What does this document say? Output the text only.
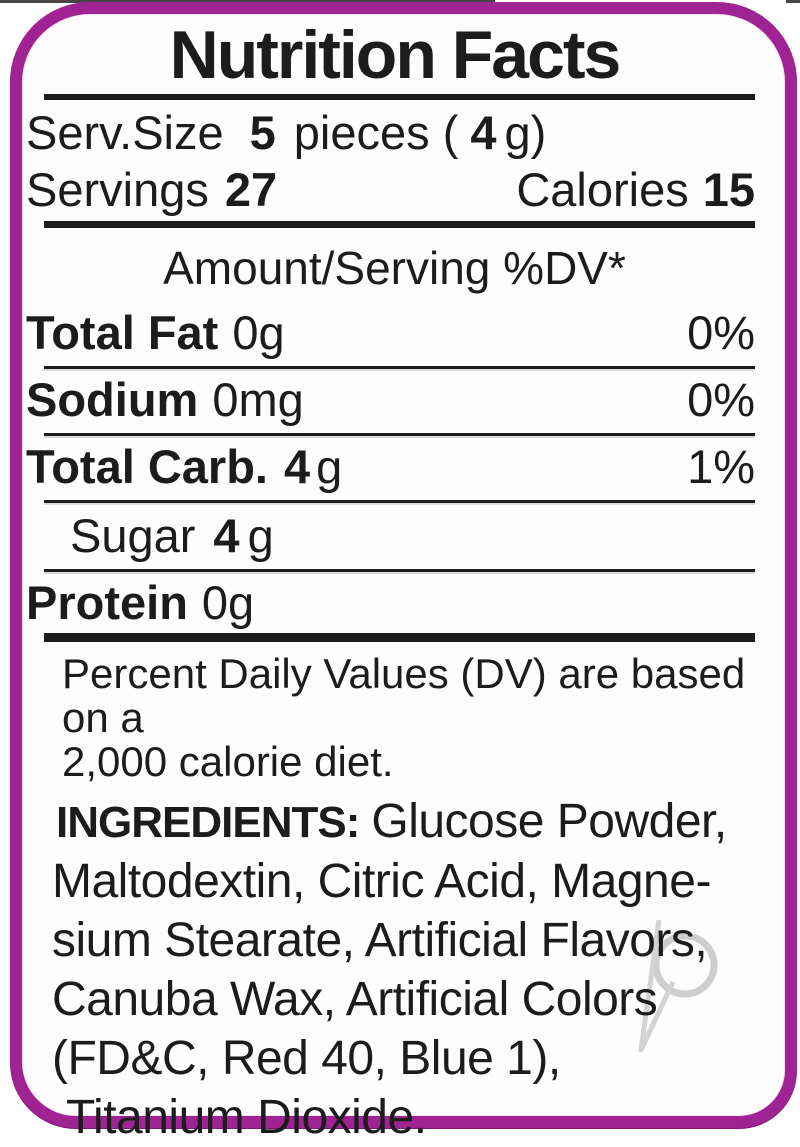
Nutrition Facts
Serv.Size 5 pieces ( 4 g)
Servings 27	Calories 15
Amount/Serving %DV*
Total Fat 0g	0%
Sodium 0mg	0%
Total Carb. 4 g	1%
Sugar 4 g
Protein 0g
Percent Daily Values (DV) are based on a
2,000 calorie diet.
INGREDIENTS: Glucose Powder,
Maltodextin, Citric Acid, Magne-
sium Stearate, Artificial Flavors,
Canuba Wax, Artificial Colors
(FD&C, Red 40, Blue 1),
Titanium Dioxide.
